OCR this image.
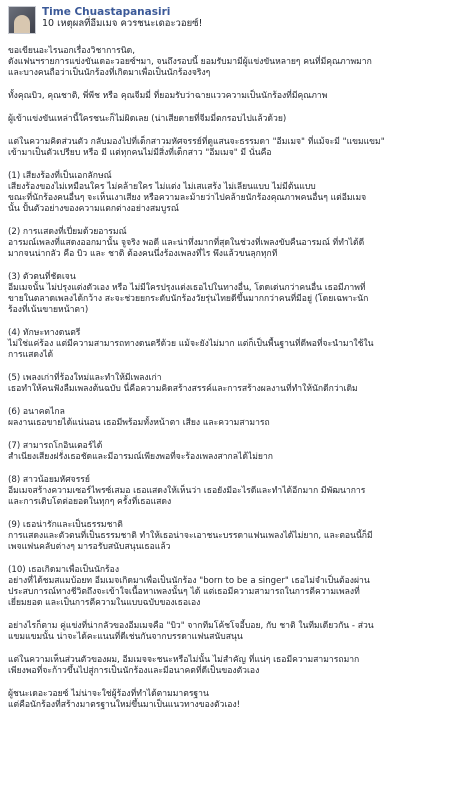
Time Chuastapanasiri
10 เหตุผลที่อีมเมจ ควรชนะเดอะวอยซ์!

ขอเขียนอะไรนอกเรื่องวิชาการนิด,
ดังแฟนฯรายการแข่งขันเดอะวอยซ์ฯมา, จนถึงรอบนี้ ยอมรับมามีผู้แข่งขันหลายๆ คนที่มีคุณภาพมาก
และบางคนถือว่าเป็นนักร้องที่เกิดมาเพื่อเป็นนักร้องจริงๆ

ทั้งคุณบิว, คุณชาติ, พี่พีช หรือ คุณจีมมี่ ที่ยอมรับว่าฉายแววความเป็นนักร้องที่มีคุณภาพ

ผู้เข้าแข่งขันเหล่านี้ใครชนะก็ไม่ผิดเลย (น่าเสียดายที่จีมมี่ตกรอบไปแล้วด้วย)

แต่ในความคิดส่วนตัว กลับมองไปที่เด็กสาวมหัศจรรย์ที่ดูแสนจะธรรมดา "อีมเมจ" ที่แม้จะมี "แขมแขม"
เข้ามาเป็นตัวเปรียบ หรือ มี แต่ทุกคนไม่มีสิ่งที่เด็กสาว "อีมเมจ" มี นั่นคือ

(1) เสียงร้องที่เป็นเอกลักษณ์

เสียงร้องของไม่เหมือนใคร ไม่คล้ายใคร ไม่แต่ง ไม่เสแสร้ง ไม่เลียนแบบ ไม่มีต้นแบบ
ขณะที่นักร้องคนอื่นๆ จะเห็นเงาเสียง หรือความละม้ายว่าไปคล้ายนักร้องคุณภาพคนอื่นๆ แต่อีมเมจ
นั้น ปั้นตัวอย่างของความแตกต่างอย่างสมบูรณ์

(2) การแสดงที่เปี่ยมด้วยอารมณ์

อารมณ์เพลงที่แสดงออกมานั้น จูจริง พอดี และน่าทึ่งมากที่สุดในช่วงที่เพลงขับคืนอารมณ์ ที่ทำได้ดี
มากจนน่ากลัว คือ บิว และ ชาติ ต้องคนนึ่งร้องเพลงที่ไร พึงแล้วขนลุกทุกที

(3) ตัวตนที่ชัดเจน

อีมเมจนั้น ไม่ปรุงแต่งตัวเอง หรือ ไม่มีใครปรุงแต่งเธอไปในทางอื่น, โดดเด่นกว่าคนอื่น เธอมีภาพที่
ขายในตลาดเพลงได้กว้าง สะจะช่วยยกระดับนักร้องวัยรุ่นไทยดีขึ้นมากกว่าคนที่มีอยู่ (โดยเฉพาะนัก
ร้องที่เน้นขายหน้าตา)

(4) ทักษะทางดนตรี

ไม่ใช่แค่ร้อง แต่มีความสามารถทางดนตรีด้วย แม้จะยังไม่มาก แต่ก็เป็นพื้นฐานที่ดีพอที่จะนำมาใช้ใน
การแสดงได้

(5) เพลงเก่าที่ร้องใหม่และทำให้มีเพลงเก่า

เธอทำให้คนฟังลืมเพลงต้นฉบับ นี่คือความคิดสร้างสรรค์และการสร้างผลงานที่ทำให้นักดีกว่าเดิม

(6) อนาคตไกล

ผลงานเธอขายได้แน่นอน เธอมีพร้อมทั้งหน้าตา เสียง และความสามารถ

(7) สามารถโกอินเตอร์ได้

สำเนียงเสียงฝรั่งเธอชัดและมีอารมณ์เพียงพอที่จะร้องเพลงสากลได้ไม่ยาก

(8) สาวน้อยมหัศจรรย์

อีมเมจสร้างความเซอร์ไพรซ์เสมอ เธอแสดงให้เห็นว่า เธอยังมีอะไรดีและทำได้อีกมาก มีพัฒนาการ
และการเติบโตต่อยอดในทุกๆ ครั้งที่เธอแสดง

(9) เธอน่ารักและเป็นธรรมชาติ

การแสดงและตัวตนที่เป็นธรรมชาติ ทำให้เธอน่าจะเอาชนะบรรดาแฟนเพลงได้ไม่ยาก, และตอนนี้ก็มี
เพจแฟนคลับต่างๆ มารอรับสนับสนุนเธอแล้ว

(10) เธอเกิดมาเพื่อเป็นนักร้อง

อย่างที่ได้ชมสแมบ้อยท อีมเมจเกิดมาเพื่อเป็นนักร้อง "born to be a singer" เธอไม่จำเป็นต้องผ่าน
ประสบการณ์ทางชีวิตถึงจะเข้าใจเนื้อหาเพลงนั้นๆ ได้ แต่เธอมีความสามารถในการตีความเพลงที่
เยี่ยมยอด และเป็นการตีความในแบบฉบับของเธอเอง

อย่างไรก็ตาม คู่แข่งที่น่ากลัวของอีมเมจคือ "บิว" จากทีมโค้ชโจอี้บอย, กับ ชาติ ในทีมเดียวกัน - ส่วน
แขมแขมนั้น น่าจะได้คะแนนที่ดีเช่นกันจากบรรดาแฟนสนับสนุน

แต่ในความเห็นส่วนตัวของผม, อีมเมจจะชนะหรือไม่นั้น ไม่สำคัญ ที่แน่ๆ เธอมีความสามารถมาก
เพียงพอที่จะก้าวขึ้นไปสู่การเป็นนักร้องและมีอนาคตที่ดีเป็นของตัวเอง

ผู้ชนะเดอะวอยซ์ ไม่น่าจะใช่ผู้ร้องที่ทำได้ตามมาตรฐาน
แต่คือนักร้องที่สร้างมาตรฐานใหม่ขึ้นมาเป็นแนวทางของตัวเอง!
